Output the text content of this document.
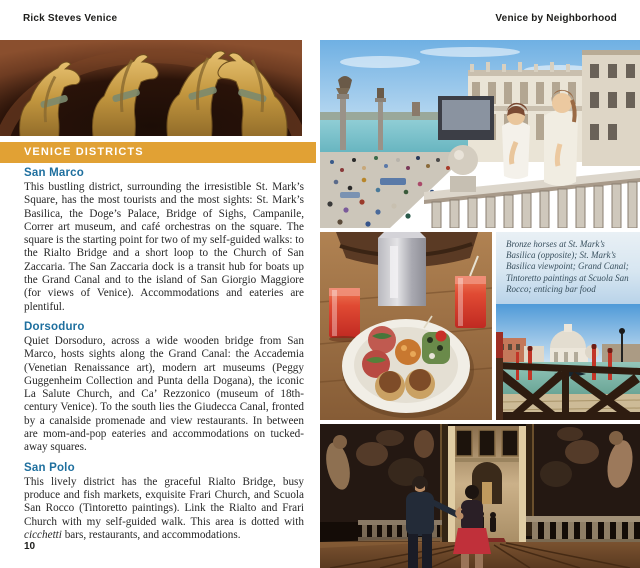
Rick Steves Venice	Venice by Neighborhood
Bronze horses at St. Mark’s Basilica (opposite); St. Mark’s Basilica viewpoint; Grand Canal; Tintoretto paintings at Scuola San Rocco; enticing bar food
VENICE DISTRICTS
San Marco

This bustling district, surrounding the irresistible St. Mark’s Square, has the most tourists and the most sights: St. Mark’s Basilica, the Doge’s Palace, Bridge of Sighs, Campanile, Correr art museum, and café orchestras on the square. The square is the starting point for two of my self-guided walks: to the Rialto Bridge and a short loop to the Church of San Zaccaria. The San Zaccaria dock is a transit hub for boats up the Grand Canal and to the island of San Giorgio Maggiore (for views of Venice). Accommodations and eateries are plentiful.

Dorsoduro

Quiet Dorsoduro, across a wide wooden bridge from San Marco, hosts sights along the Grand Canal: the Accademia (Venetian Renaissance art), modern art museums (Peggy Guggenheim Collection and Punta della Dogana), the iconic La Salute Church, and Ca’ Rezzonico (museum of 18th-century Venice). To the south lies the Giudecca Canal, fronted by a canalside promenade and view restaurants. In between are mom-and-pop eateries and accommodations on tucked-away squares.

San Polo

This lively district has the graceful Rialto Bridge, busy produce and fish markets, exquisite Frari Church, and Scuola San Rocco (Tintoretto paintings). Link the Rialto and Frari Church with my self-guided walk. This area is dotted with cicchetti bars, restaurants, and accommodations.

10
